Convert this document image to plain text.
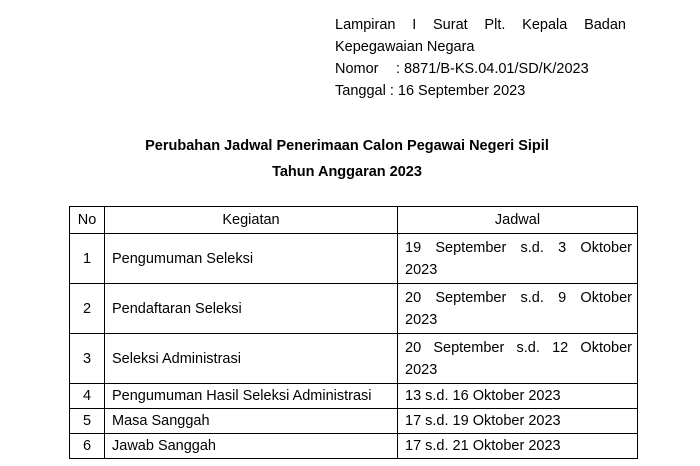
Lampiran I Surat Plt. Kepala Badan
Kepegawaian Negara
Nomor : 8871/B-KS.04.01/SD/K/2023
Tanggal : 16 September 2023
Perubahan Jadwal Penerimaan Calon Pegawai Negeri Sipil
Tahun Anggaran 2023
No	Kegiatan	Jadwal
1	Pengumuman Seleksi	19 September s.d. 3 Oktober
2023

2	Pendaftaran Seleksi	20 September s.d. 9 Oktober
2023

3	Seleksi Administrasi	20 September s.d. 12 Oktober
2023

4	Pengumuman Hasil Seleksi Administrasi	13 s.d. 16 Oktober 2023
5	Masa Sanggah	17 s.d. 19 Oktober 2023
6	Jawab Sanggah	17 s.d. 21 Oktober 2023
